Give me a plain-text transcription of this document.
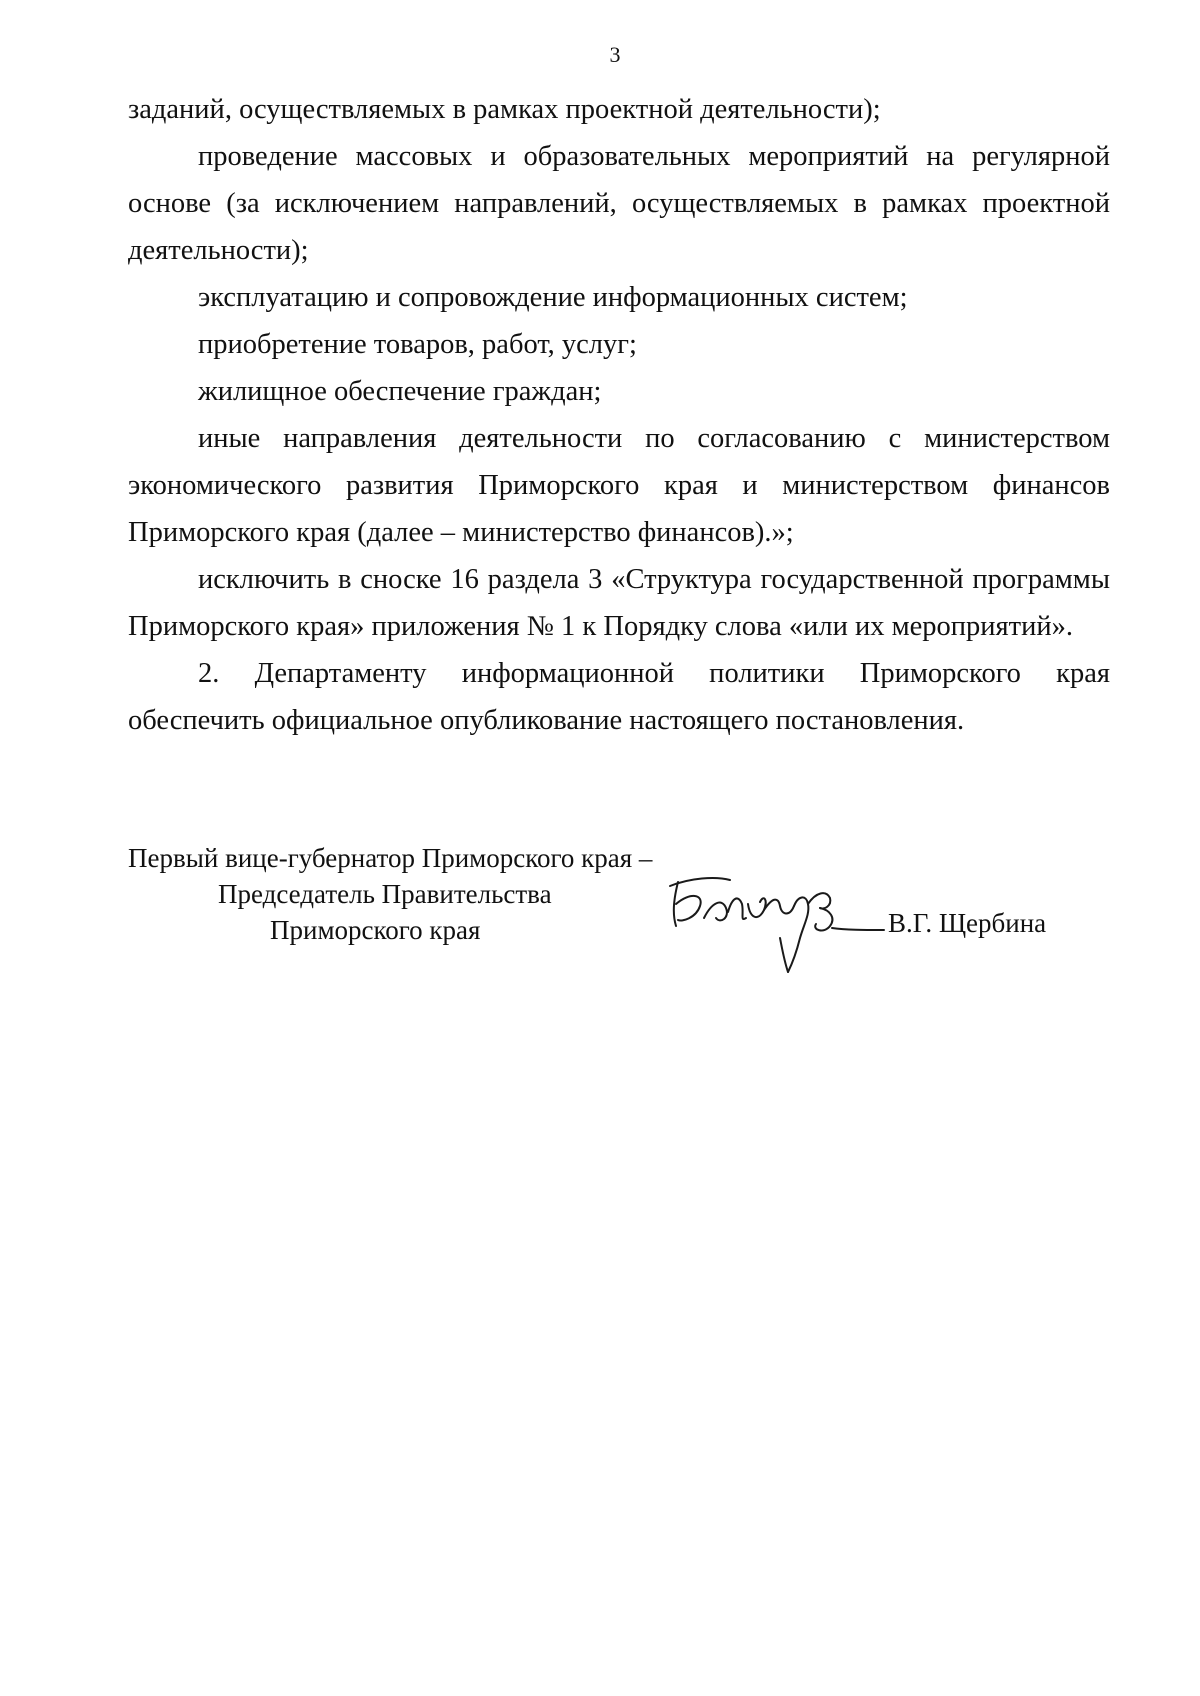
3

заданий, осуществляемых в рамках проектной деятельности);

проведение массовых и образовательных мероприятий на регулярной основе (за исключением направлений, осуществляемых в рамках проектной деятельности);

эксплуатацию и сопровождение информационных систем;

приобретение товаров, работ, услуг;

жилищное обеспечение граждан;

иные направления деятельности по согласованию с министерством экономического развития Приморского края и министерством финансов Приморского края (далее – министерство финансов).»;

исключить в сноске 16 раздела 3 «Структура государственной программы Приморского края» приложения № 1 к Порядку слова «или их мероприятий».

2. Департаменту информационной политики Приморского края обеспечить официальное опубликование настоящего постановления.

Первый вице-губернатор Приморского края –
Председатель Правительства
Приморского края	В.Г. Щербина
